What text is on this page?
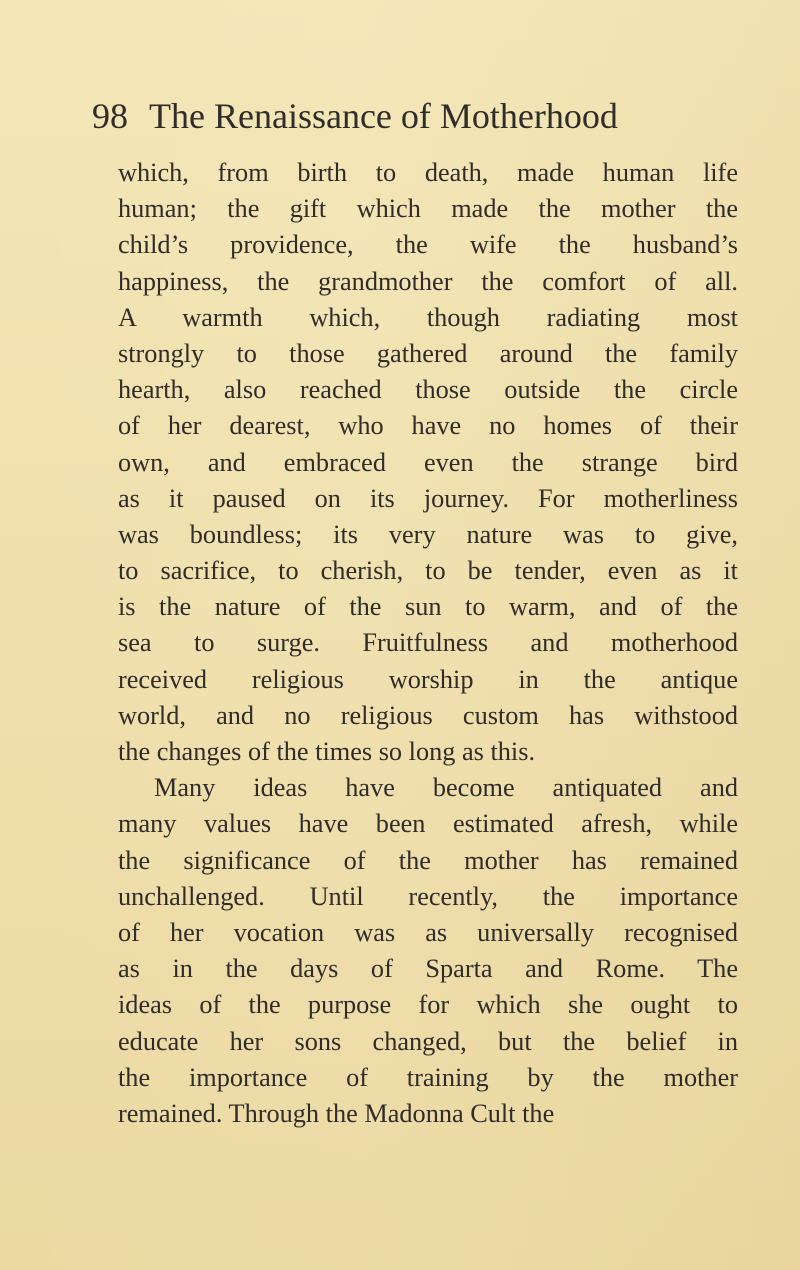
98 The Renaissance of Motherhood
which, from birth to death, made human life
human; the gift which made the mother the
child’s providence, the wife the husband’s
happiness, the grandmother the comfort of all.
A warmth which, though radiating most
strongly to those gathered around the family
hearth, also reached those outside the circle
of her dearest, who have no homes of their
own, and embraced even the strange bird
as it paused on its journey. For motherliness
was boundless; its very nature was to give,
to sacrifice, to cherish, to be tender, even as it
is the nature of the sun to warm, and of the
sea to surge. Fruitfulness and motherhood
received religious worship in the antique
world, and no religious custom has withstood
the changes of the times so long as this.
Many ideas have become antiquated and
many values have been estimated afresh, while
the significance of the mother has remained
unchallenged. Until recently, the importance
of her vocation was as universally recognised
as in the days of Sparta and Rome. The
ideas of the purpose for which she ought to
educate her sons changed, but the belief in
the importance of training by the mother
remained. Through the Madonna Cult the
